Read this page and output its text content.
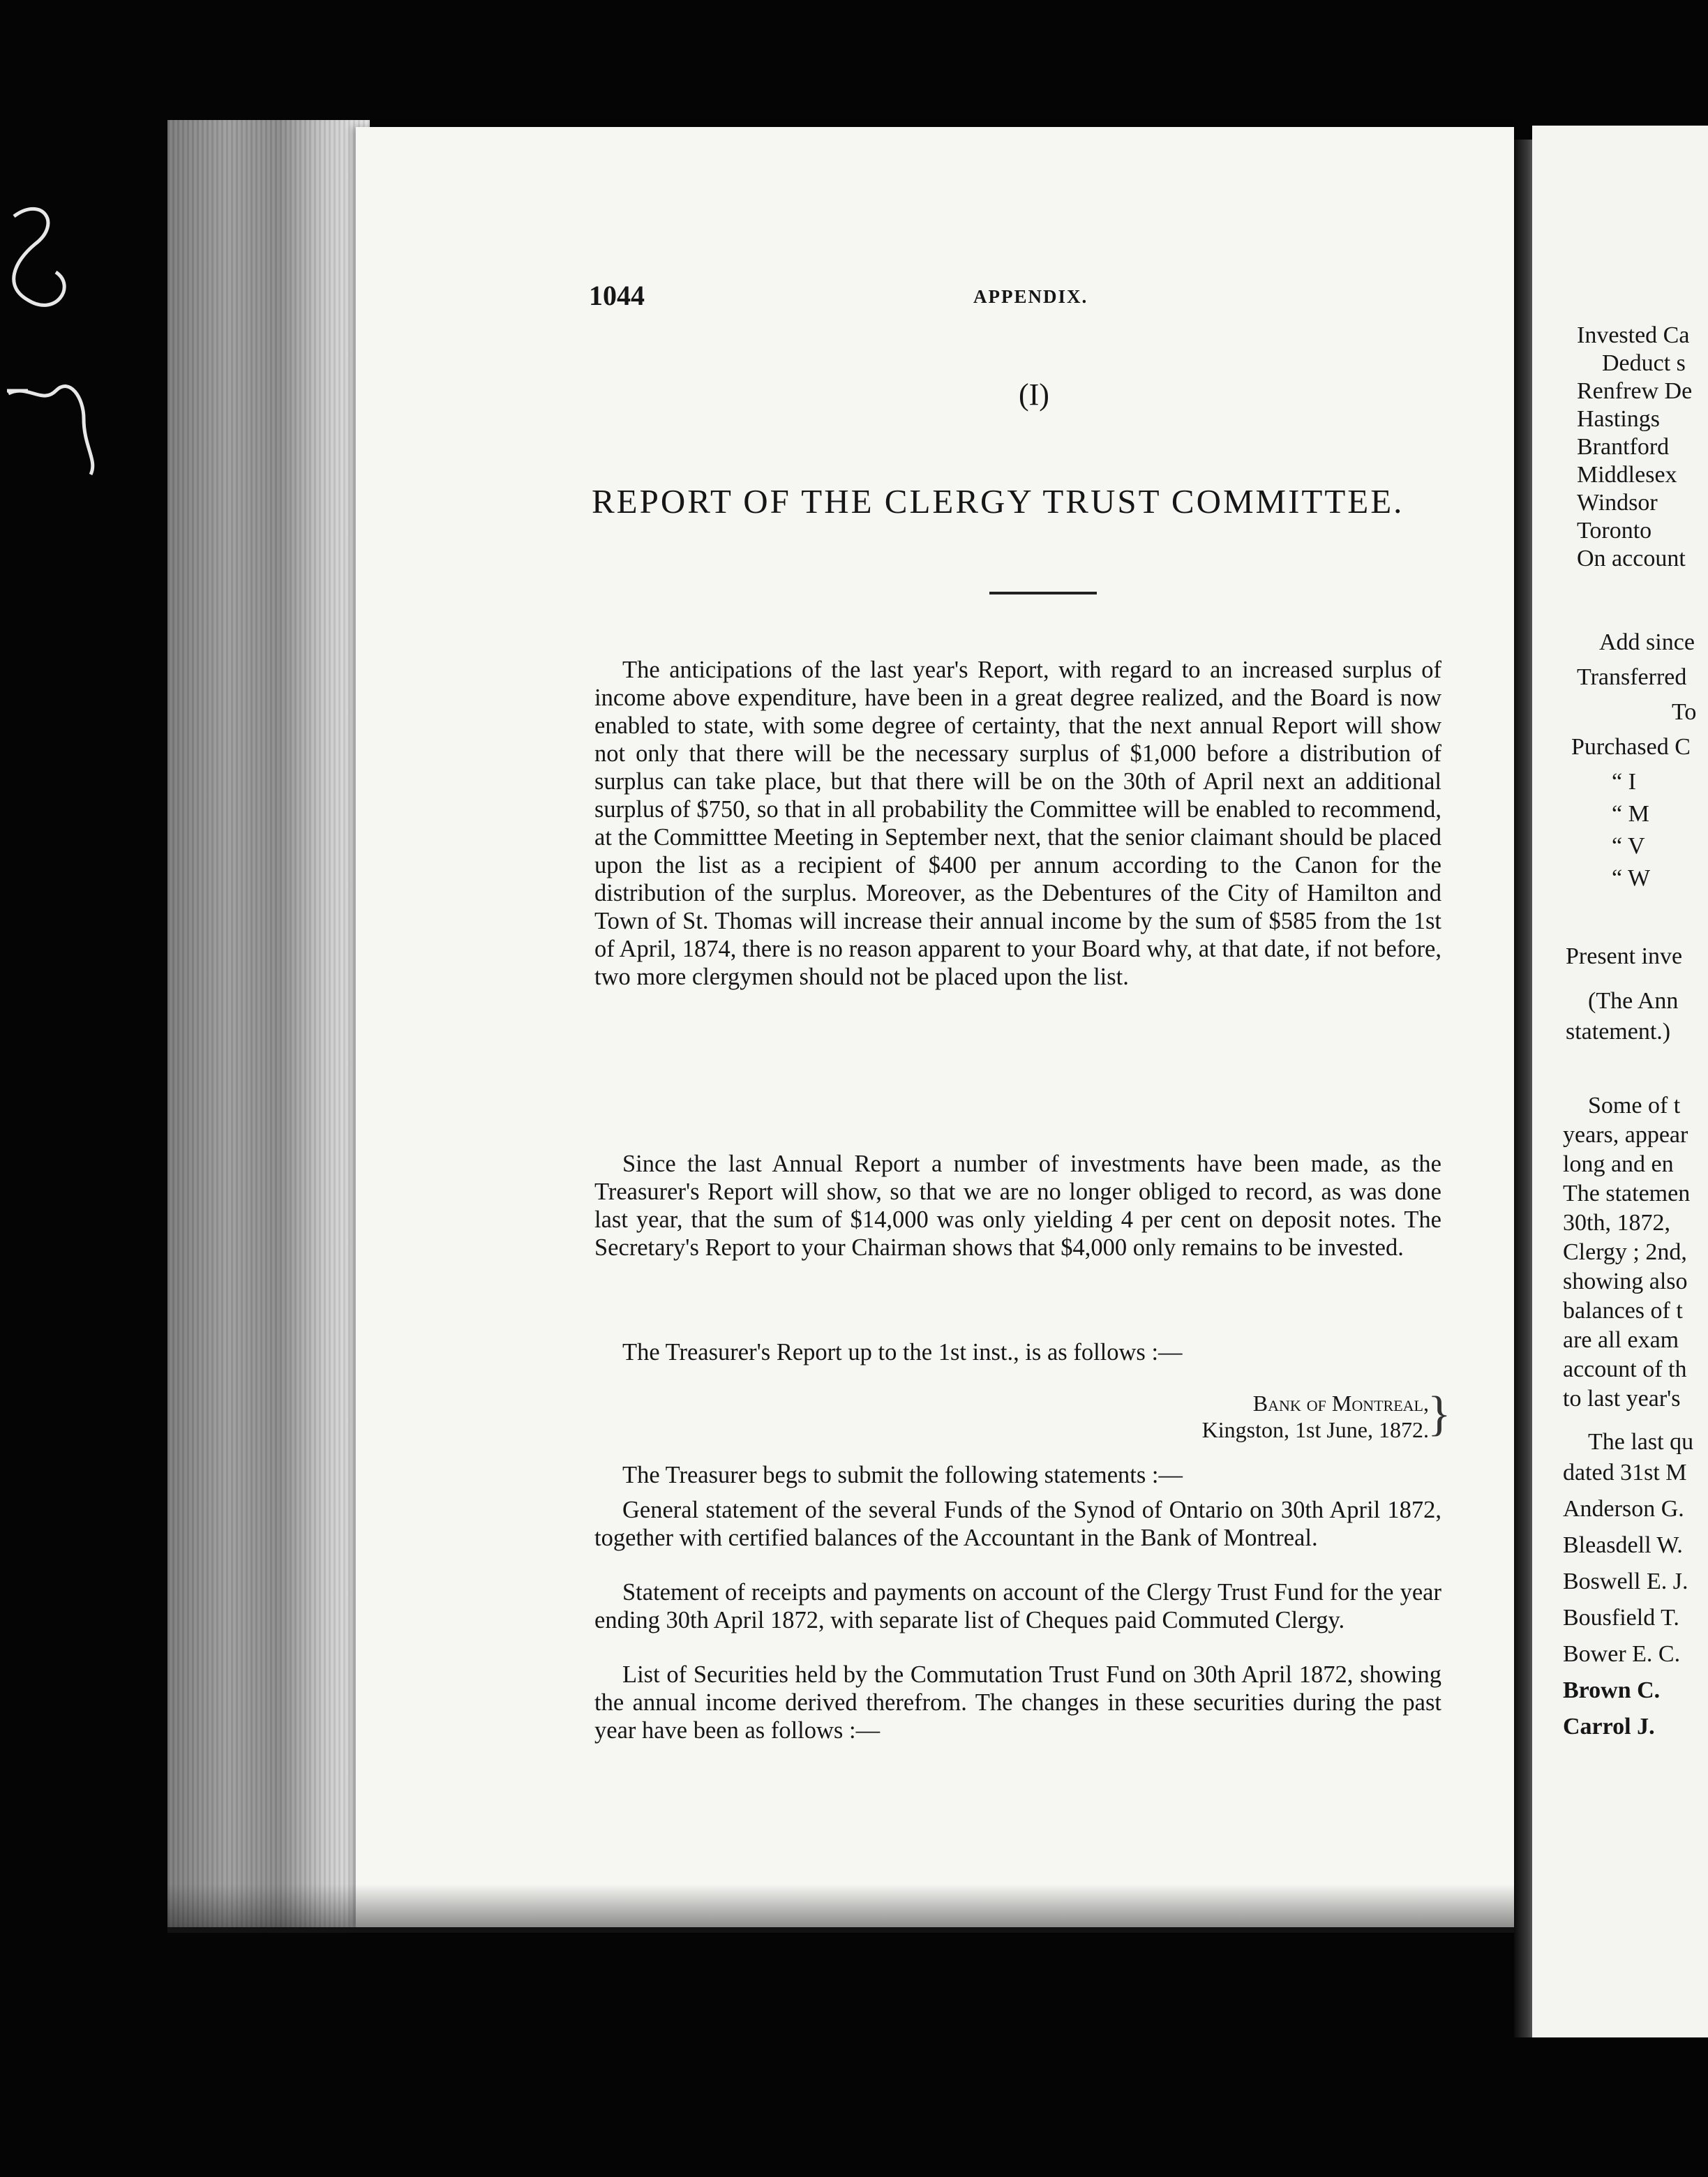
1044	APPENDIX.
(I)
REPORT OF THE CLERGY TRUST COMMITTEE.

The anticipations of the last year's Report, with regard to an increased surplus of income above expenditure, have been in a great degree realized, and the Board is now enabled to state, with some degree of certainty, that the next annual Report will show not only that there will be the necessary surplus of $1,000 before a distribution of surplus can take place, but that there will be on the 30th of April next an additional surplus of $750, so that in all probability the Committee will be enabled to recommend, at the Committtee Meeting in September next, that the senior claimant should be placed upon the list as a recipient of $400 per annum according to the Canon for the distribution of the surplus. Moreover, as the Debentures of the City of Hamilton and Town of St. Thomas will increase their annual income by the sum of $585 from the 1st of April, 1874, there is no reason apparent to your Board why, at that date, if not before, two more clergymen should not be placed upon the list.

Since the last Annual Report a number of investments have been made, as the Treasurer's Report will show, so that we are no longer obliged to record, as was done last year, that the sum of $14,000 was only yielding 4 per cent on deposit notes. The Secretary's Report to your Chairman shows that $4,000 only remains to be invested.

The Treasurer's Report up to the 1st inst., is as follows :—

Bank of Montreal,
Kingston, 1st June, 1872.
}

The Treasurer begs to submit the following statements :—

General statement of the several Funds of the Synod of Ontario on 30th April 1872, together with certified balances of the Accountant in the Bank of Montreal.

Statement of receipts and payments on account of the Clergy Trust Fund for the year ending 30th April 1872, with separate list of Cheques paid Commuted Clergy.

List of Securities held by the Commutation Trust Fund on 30th April 1872, showing the annual income derived therefrom. The changes in these securities during the past year have been as follows :—

Invested Ca
Deduct s
Renfrew De
Hastings
Brantford
Middlesex
Windsor
Toronto
On account
Add since
Transferred
To
Purchased C
“ I
“ M
“ V
“ W
Present inve
(The Ann
statement.)
Some of t
years, appear
long and en
The statemen
30th, 1872,
Clergy ; 2nd,
showing also
balances of t
are all exam
account of th
to last year's
The last qu
dated 31st M
Anderson G.
Bleasdell W.
Boswell E. J.
Bousfield T.
Bower E. C.
Brown C.
Carrol J.
